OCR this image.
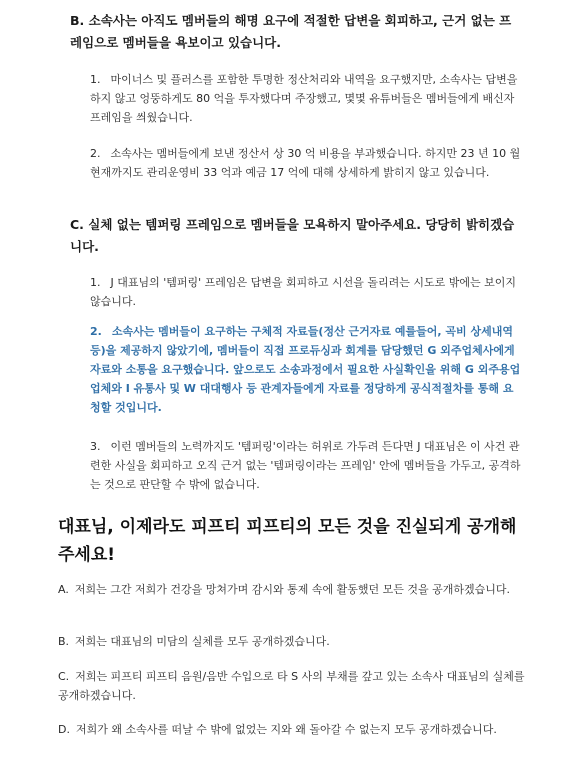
B. 소속사는 아직도 멤버들의 해명 요구에 적절한 답변을 회피하고, 근거 없는 프레임으로 멤버들을 욕보이고 있습니다.
1. 마이너스 및 플러스를 포함한 투명한 정산처리와 내역을 요구했지만, 소속사는 답변을 하지 않고 엉뚱하게도 80 억을 투자했다며 주장했고, 몇몇 유튜버들은 멤버들에게 배신자 프레임을 씌웠습니다.
2. 소속사는 멤버들에게 보낸 정산서 상 30 억 비용을 부과했습니다. 하지만 23 년 10 월 현재까지도 관리운영비 33 억과 예금 17 억에 대해 상세하게 밝히지 않고 있습니다.
C. 실체 없는 템퍼링 프레임으로 멤버들을 모욕하지 말아주세요. 당당히 밝히겠습니다.
1. J 대표님의 '템퍼링' 프레임은 답변을 회피하고 시선을 돌리려는 시도로 밖에는 보이지 않습니다.
2. 소속사는 멤버들이 요구하는 구체적 자료들(정산 근거자료 예를들어, 곡비 상세내역 등)을 제공하지 않았기에, 멤버들이 직접 프로듀싱과 회계를 담당했던 G 외주업체사에게 자료와 소통을 요구했습니다. 앞으로도 소송과정에서 필요한 사실확인을 위해 G 외주용업업체와 I 유통사 및 W 대대행사 등 관계자들에게 자료를 정당하게 공식적절차를 통해 요청할 것입니다.
3. 이런 멤버들의 노력까지도 '템퍼링'이라는 허위로 가두려 든다면 J 대표님은 이 사건 관련한 사실을 회피하고 오직 근거 없는 '템퍼링이라는 프레임' 안에 멤버들을 가두고, 공격하는 것으로 판단할 수 밖에 없습니다.
대표님, 이제라도 피프티 피프티의 모든 것을 진실되게 공개해 주세요!
A. 저희는 그간 저희가 건강을 망쳐가며 감시와 통제 속에 활동했던 모든 것을 공개하겠습니다.
B. 저희는 대표님의 미담의 실체를 모두 공개하겠습니다.
C. 저희는 피프티 피프티 음원/음반 수입으로 타 S 사의 부채를 갚고 있는 소속사 대표님의 실체를 공개하겠습니다.
D. 저희가 왜 소속사를 떠날 수 밖에 없었는 지와 왜 돌아갈 수 없는지 모두 공개하겠습니다.
